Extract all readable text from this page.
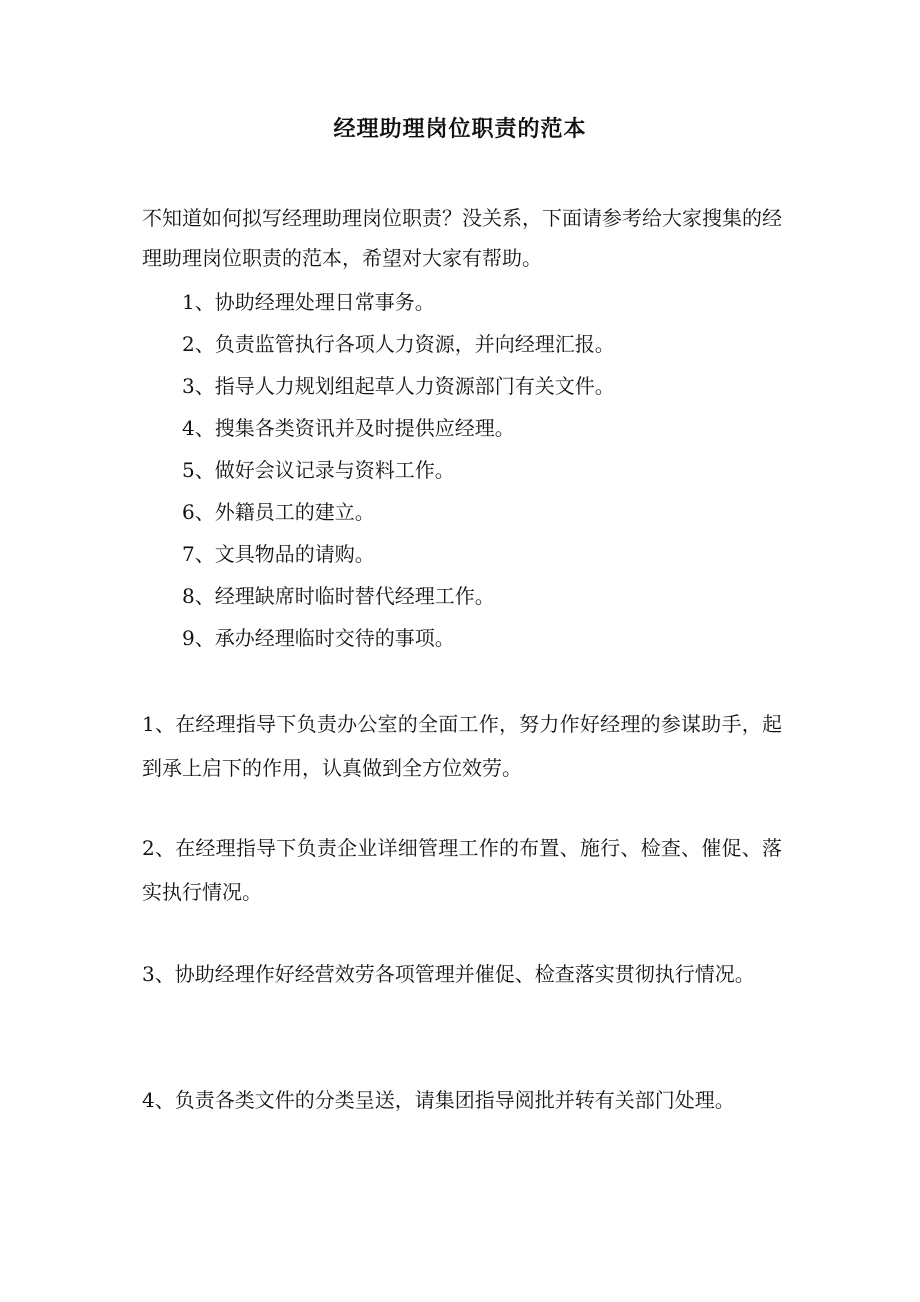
经理助理岗位职责的范本
不知道如何拟写经理助理岗位职责？没关系，下面请参考给大家搜集的经理助理岗位职责的范本，希望对大家有帮助。
1、协助经理处理日常事务。
2、负责监管执行各项人力资源，并向经理汇报。
3、指导人力规划组起草人力资源部门有关文件。
4、搜集各类资讯并及时提供应经理。
5、做好会议记录与资料工作。
6、外籍员工的建立。
7、文具物品的请购。
8、经理缺席时临时替代经理工作。
9、承办经理临时交待的事项。
1、在经理指导下负责办公室的全面工作，努力作好经理的参谋助手，起到承上启下的作用，认真做到全方位效劳。
2、在经理指导下负责企业详细管理工作的布置、施行、检查、催促、落实执行情况。
3、协助经理作好经营效劳各项管理并催促、检查落实贯彻执行情况。
4、负责各类文件的分类呈送，请集团指导阅批并转有关部门处理。
